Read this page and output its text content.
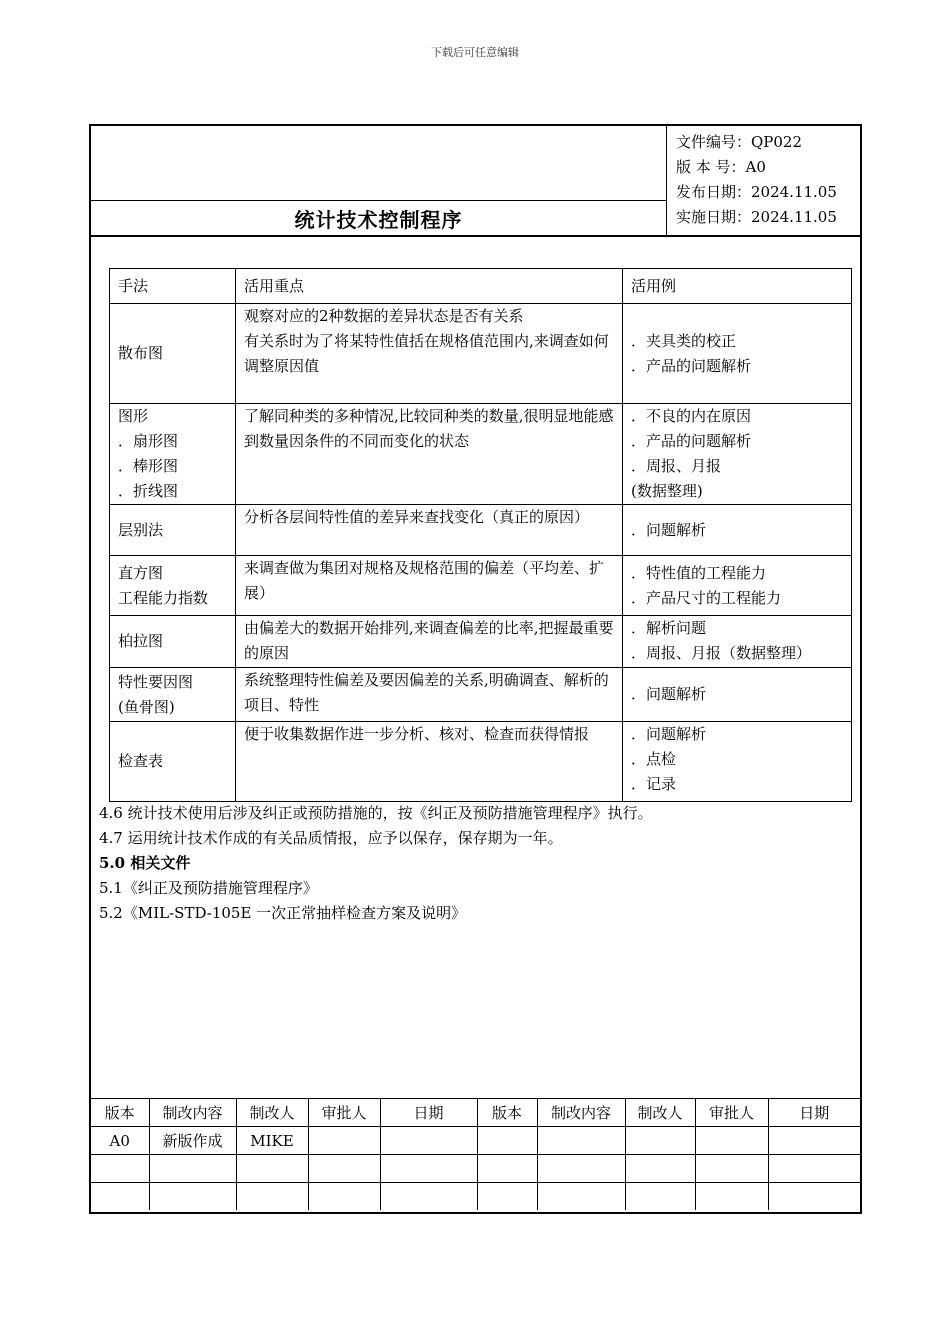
下载后可任意编辑
统计技术控制程序
文件编号：QP022
版 本 号：A0
发布日期：2024.11.05
实施日期：2024.11.05
手法	活用重点	活用例

散布图	观察对应的2种数据的差异状态是否有关系
有关系时为了将某特性值括在规格值范围内,来调查如何调整原因值	．夹具类的校正
．产品的问题解析

图形
．扇形图
．棒形图
．折线图	了解同种类的多种情况,比较同种类的数量,很明显地能感到数量因条件的不同而变化的状态	．不良的内在原因
．产品的问题解析
．周报、月报
(数据整理)

层别法	分析各层间特性值的差异来查找变化（真正的原因）	．问题解析

直方图
工程能力指数	来调查做为集团对规格及规格范围的偏差（平均差、扩展）	．特性值的工程能力
．产品尺寸的工程能力

柏拉图	由偏差大的数据开始排列,来调查偏差的比率,把握最重要的原因	．解析问题
．周报、月报（数据整理）

特性要因图
(鱼骨图)	系统整理特性偏差及要因偏差的关系,明确调查、解析的项目、特性	．问题解析

检查表	便于收集数据作进一步分析、核对、检查而获得情报	．问题解析
．点检
．记录
4.6 统计技术使用后涉及纠正或预防措施的，按《纠正及预防措施管理程序》执行。
4.7 运用统计技术作成的有关品质情报，应予以保存，保存期为一年。
5.0 相关文件
5.1《纠正及预防措施管理程序》
5.2《MIL-STD-105E 一次正常抽样检查方案及说明》
版本	制改内容	制改人	审批人	日期	版本	制改内容	制改人	审批人	日期
A0	新版作成	MIKE							
